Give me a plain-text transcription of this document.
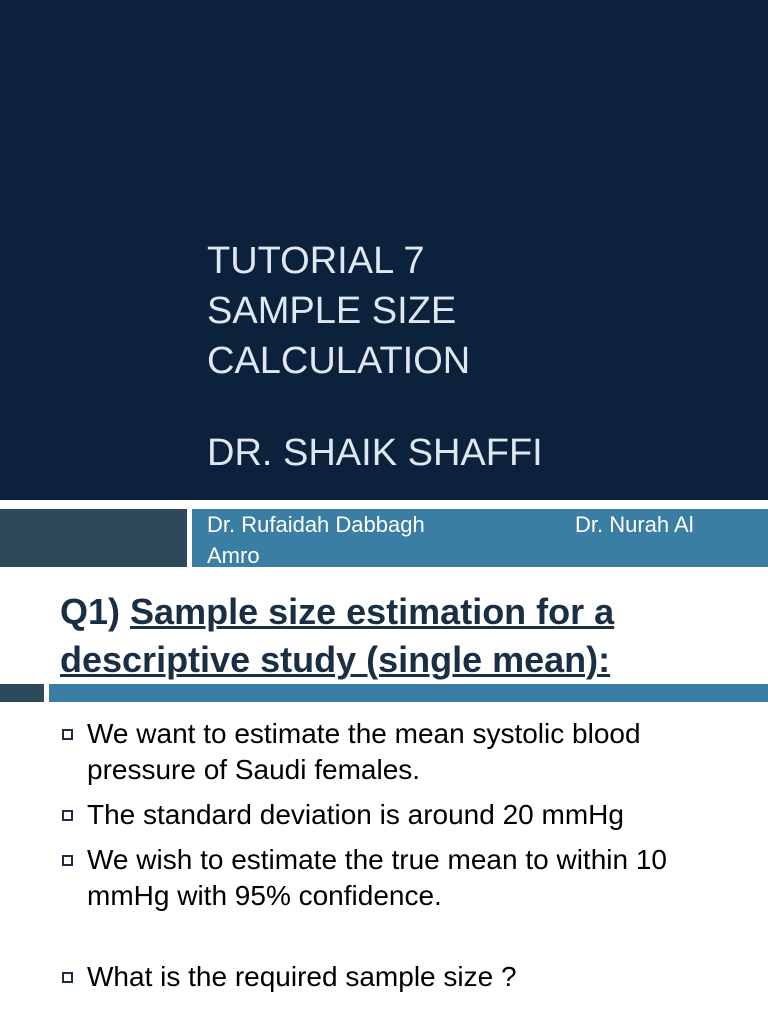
TUTORIAL 7
SAMPLE SIZE
CALCULATION
DR. SHAIK SHAFFI
Dr. Rufaidah Dabbagh	Dr. Nurah Al

Amro
Q1) Sample size estimation for a descriptive study (single mean):
We want to estimate the mean systolic blood pressure of Saudi females.
The standard deviation is around 20 mmHg
We wish to estimate the true mean to within 10 mmHg with 95% confidence.
What is the required sample size ?
